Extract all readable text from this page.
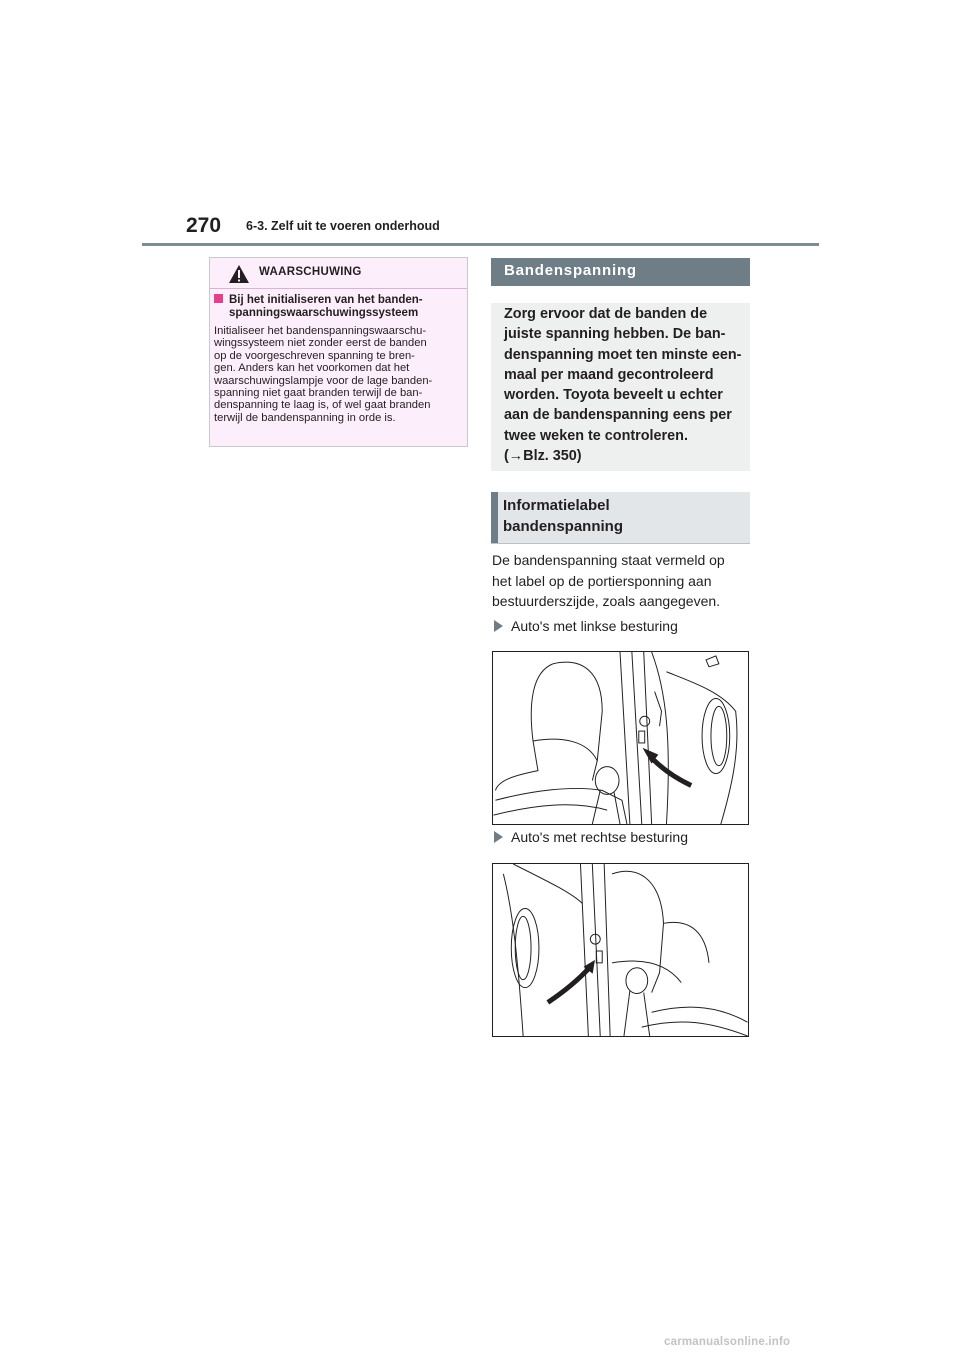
270 6-3. Zelf uit te voeren onderhoud
WAARSCHUWING
Bij het initialiseren van het banden-
spanningswaarschuwingssysteem
Initialiseer het bandenspanningswaarschu-
wingssysteem niet zonder eerst de banden
op de voorgeschreven spanning te bren-
gen. Anders kan het voorkomen dat het
waarschuwingslampje voor de lage banden-
spanning niet gaat branden terwijl de ban-
denspanning te laag is, of wel gaat branden
terwijl de bandenspanning in orde is.
Bandenspanning
Zorg ervoor dat de banden de
juiste spanning hebben. De ban-
denspanning moet ten minste een-
maal per maand gecontroleerd
worden. Toyota beveelt u echter
aan de bandenspanning eens per
twee weken te controleren.
(→Blz. 350)
Informatielabel
bandenspanning
De bandenspanning staat vermeld op
het label op de portiersponning aan
bestuurderszijde, zoals aangegeven.
Auto's met linkse besturing
Auto's met rechtse besturing
carmanualsonline.info
